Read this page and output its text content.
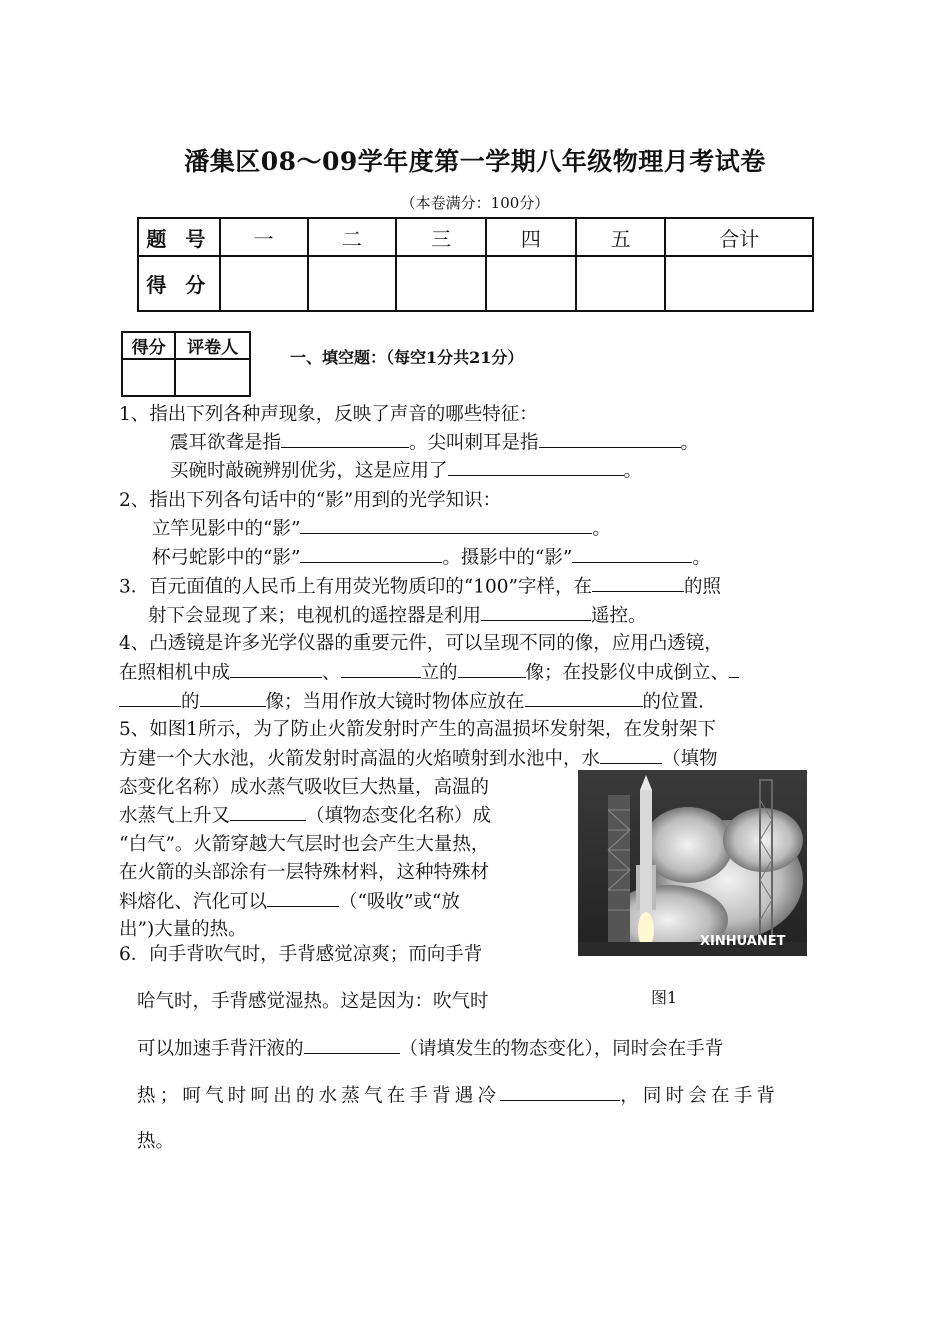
潘集区08～09学年度第一学期八年级物理月考试卷
（本卷满分：100分）
题 号	一	二	三	四	五	合计
得 分						
得分	评卷人
		一、填空题：（每空1分共21分）
1、指出下列各种声现象，反映了声音的哪些特征：
震耳欲聋是指	。尖叫刺耳是指	。
买碗时敲碗辨别优劣，这是应用了	。
2、指出下列各句话中的“影”用到的光学知识：
立竿见影中的“影”	。
杯弓蛇影中的“影”	。摄影中的“影”	。
3．百元面值的人民币上有用荧光物质印的“100”字样，在	的照
射下会显现了来；电视机的遥控器是利用	遥控。
4、凸透镜是许多光学仪器的重要元件，可以呈现不同的像，应用凸透镜，
在照相机中成	、	立的	像；在投影仪中成倒立、
的	像；当用作放大镜时物体应放在	的位置.
5、如图1所示，为了防止火箭发射时产生的高温损坏发射架，在发射架下
方建一个大水池，火箭发射时高温的火焰喷射到水池中，水	（填物
态变化名称）成水蒸气吸收巨大热量，高温的
水蒸气上升又	（填物态变化名称）成
“白气”。火箭穿越大气层时也会产生大量热，
在火箭的头部涂有一层特殊材料，这种特殊材
料熔化、汽化可以	（“吸收”或“放
出”)大量的热。
XINHUANET
图1
6．向手背吹气时，手背感觉凉爽；而向手背
哈气时，手背感觉湿热。这是因为：吹气时
可以加速手背汗液的	（请填发生的物态变化），同时会在手背
热；呵气时呵出的水蒸气在手背遇冷	，同时会在手背
热。
